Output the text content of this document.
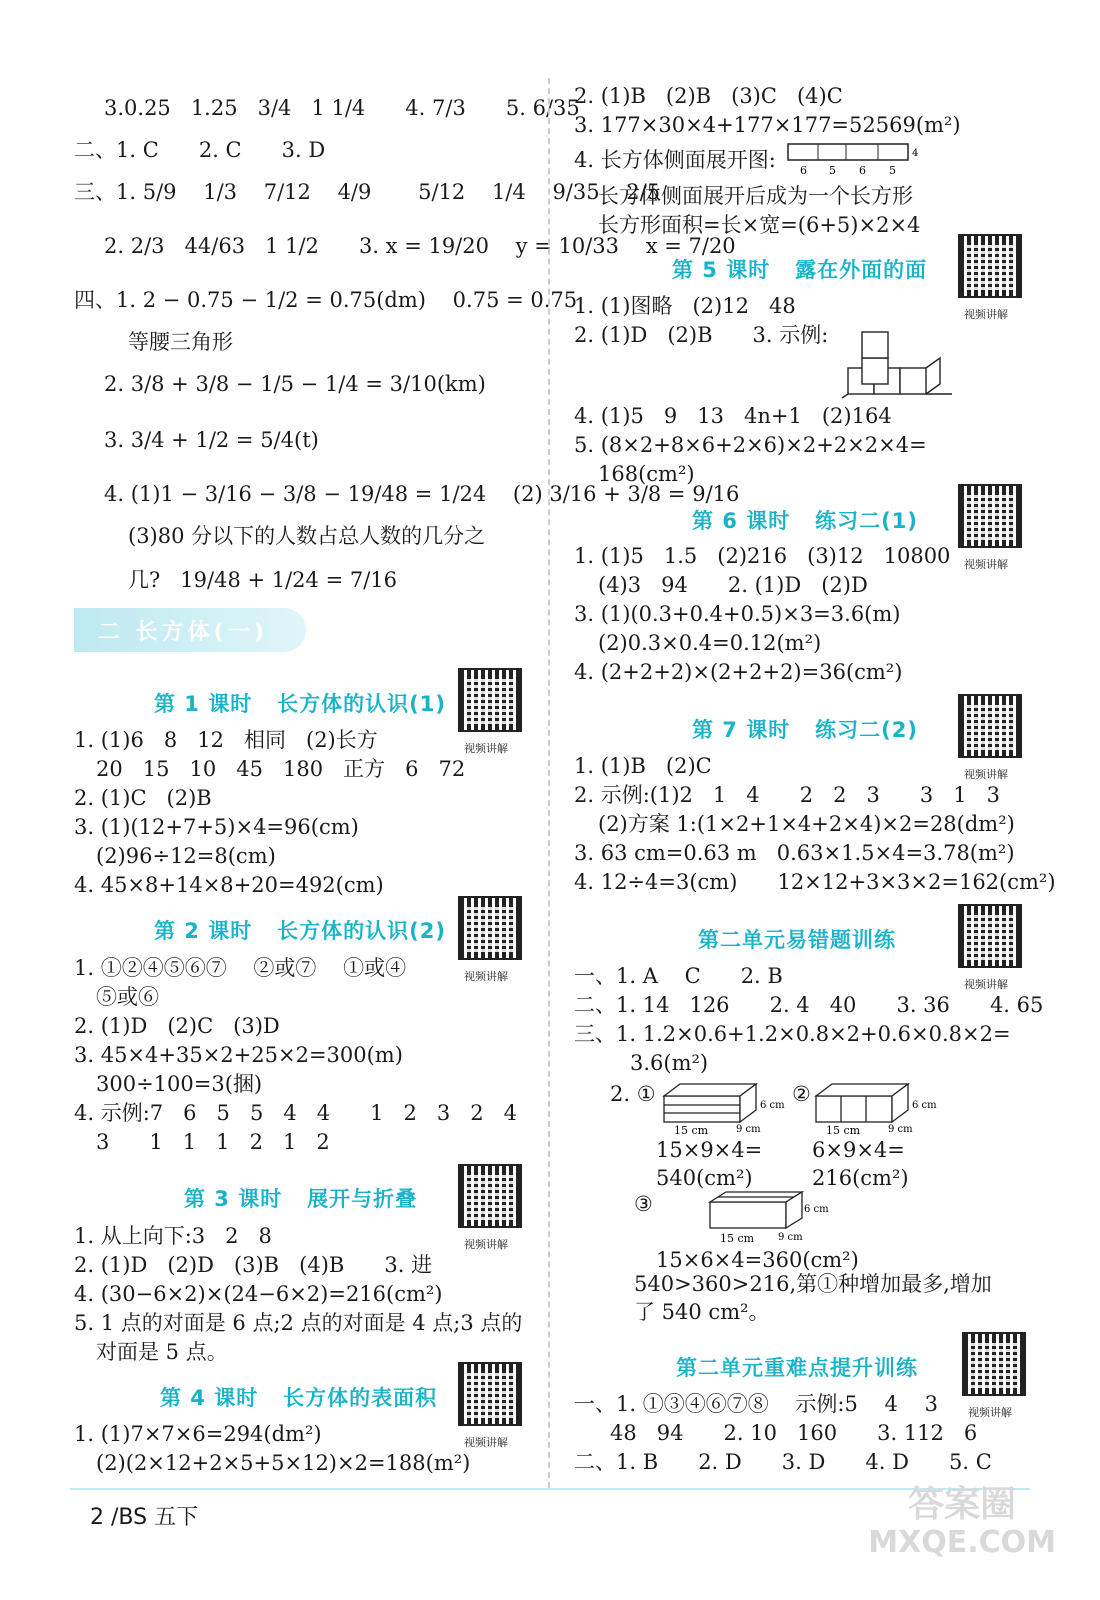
3.0.25   1.25   3/4   1 1/4      4. 7/3      5. 6/35
二、1. C      2. C      3. D
三、1. 5/9    1/3    7/12    4/9       5/12    1/4    9/35    2/5
2. 2/3   44/63   1 1/2      3. x = 19/20    y = 10/33    x = 7/20
四、1. 2 − 0.75 − 1/2 = 0.75(dm)    0.75 = 0.75
等腰三角形
2. 3/8 + 3/8 − 1/5 − 1/4 = 3/10(km)
3. 3/4 + 1/2 = 5/4(t)
4. (1)1 − 3/16 − 3/8 − 19/48 = 1/24    (2) 3/16 + 3/8 = 9/16
(3)80 分以下的人数占总人数的几分之
几?   19/48 + 1/24 = 7/16
二 长方体(一)
第 1 课时   长方体的认识(1)
视频讲解
1. (1)6   8   12   相同   (2)长方
20   15   10   45   180   正方   6   72
2. (1)C   (2)B
3. (1)(12+7+5)×4=96(cm)
(2)96÷12=8(cm)
4. 45×8+14×8+20=492(cm)
第 2 课时   长方体的认识(2)
视频讲解
1. ①②④⑤⑥⑦    ②或⑦    ①或④
⑤或⑥
2. (1)D   (2)C   (3)D
3. 45×4+35×2+25×2=300(m)
300÷100=3(捆)
4. 示例:7   6   5   5   4   4      1   2   3   2   4
3      1   1   1   2   1   2
第 3 课时   展开与折叠
视频讲解
1. 从上向下:3   2   8
2. (1)D   (2)D   (3)B   (4)B      3. 进
4. (30−6×2)×(24−6×2)=216(cm²)
5. 1 点的对面是 6 点;2 点的对面是 4 点;3 点的
对面是 5 点。
第 4 课时   长方体的表面积
视频讲解
1. (1)7×7×6=294(dm²)
(2)(2×12+2×5+5×12)×2=188(m²)
2. (1)B   (2)B   (3)C   (4)C
3. 177×30×4+177×177=52569(m²)
4. 长方体侧面展开图: 6 5 6 5
4
长方体侧面展开后成为一个长方形
长方形面积=长×宽=(6+5)×2×4
第 5 课时   露在外面的面
视频讲解
1. (1)图略   (2)12   48
2. (1)D   (2)B      3. 示例:
4. (1)5   9   13   4n+1   (2)164
5. (8×2+8×6+2×6)×2+2×2×4=
168(cm²)
第 6 课时   练习二(1)
视频讲解
1. (1)5   1.5   (2)216   (3)12   10800
(4)3   94      2. (1)D   (2)D
3. (1)(0.3+0.4+0.5)×3=3.6(m)
(2)0.3×0.4=0.12(m²)
4. (2+2+2)×(2+2+2)=36(cm²)
第 7 课时   练习二(2)
视频讲解
1. (1)B   (2)C
2. 示例:(1)2   1   4      2   2   3      3   1   3
(2)方案 1:(1×2+1×4+2×4)×2=28(dm²)
3. 63 cm=0.63 m   0.63×1.5×4=3.78(m²)
4. 12÷4=3(cm)      12×12+3×3×2=162(cm²)
第二单元易错题训练
视频讲解
一、1. A    C      2. B
二、1. 14   126      2. 4   40      3. 36      4. 65
三、1. 1.2×0.6+1.2×0.8×2+0.6×0.8×2=
3.6(m²)
2. ①
15 cm	9 cm
6 cm
15×9×4=
540(cm²)
②
15 cm	9 cm
6 cm
6×9×4=
216(cm²)
③
15 cm 9 cm
6 cm
15×6×4=360(cm²)
540>360>216,第①种增加最多,增加
了 540 cm²。
第二单元重难点提升训练
视频讲解
一、1. ①③④⑥⑦⑧    示例:5    4    3
48   94      2. 10   160      3. 112   6
二、1. B      2. D      3. D      4. D      5. C
2 /BS 五下	答案圈
MXQE.COM
